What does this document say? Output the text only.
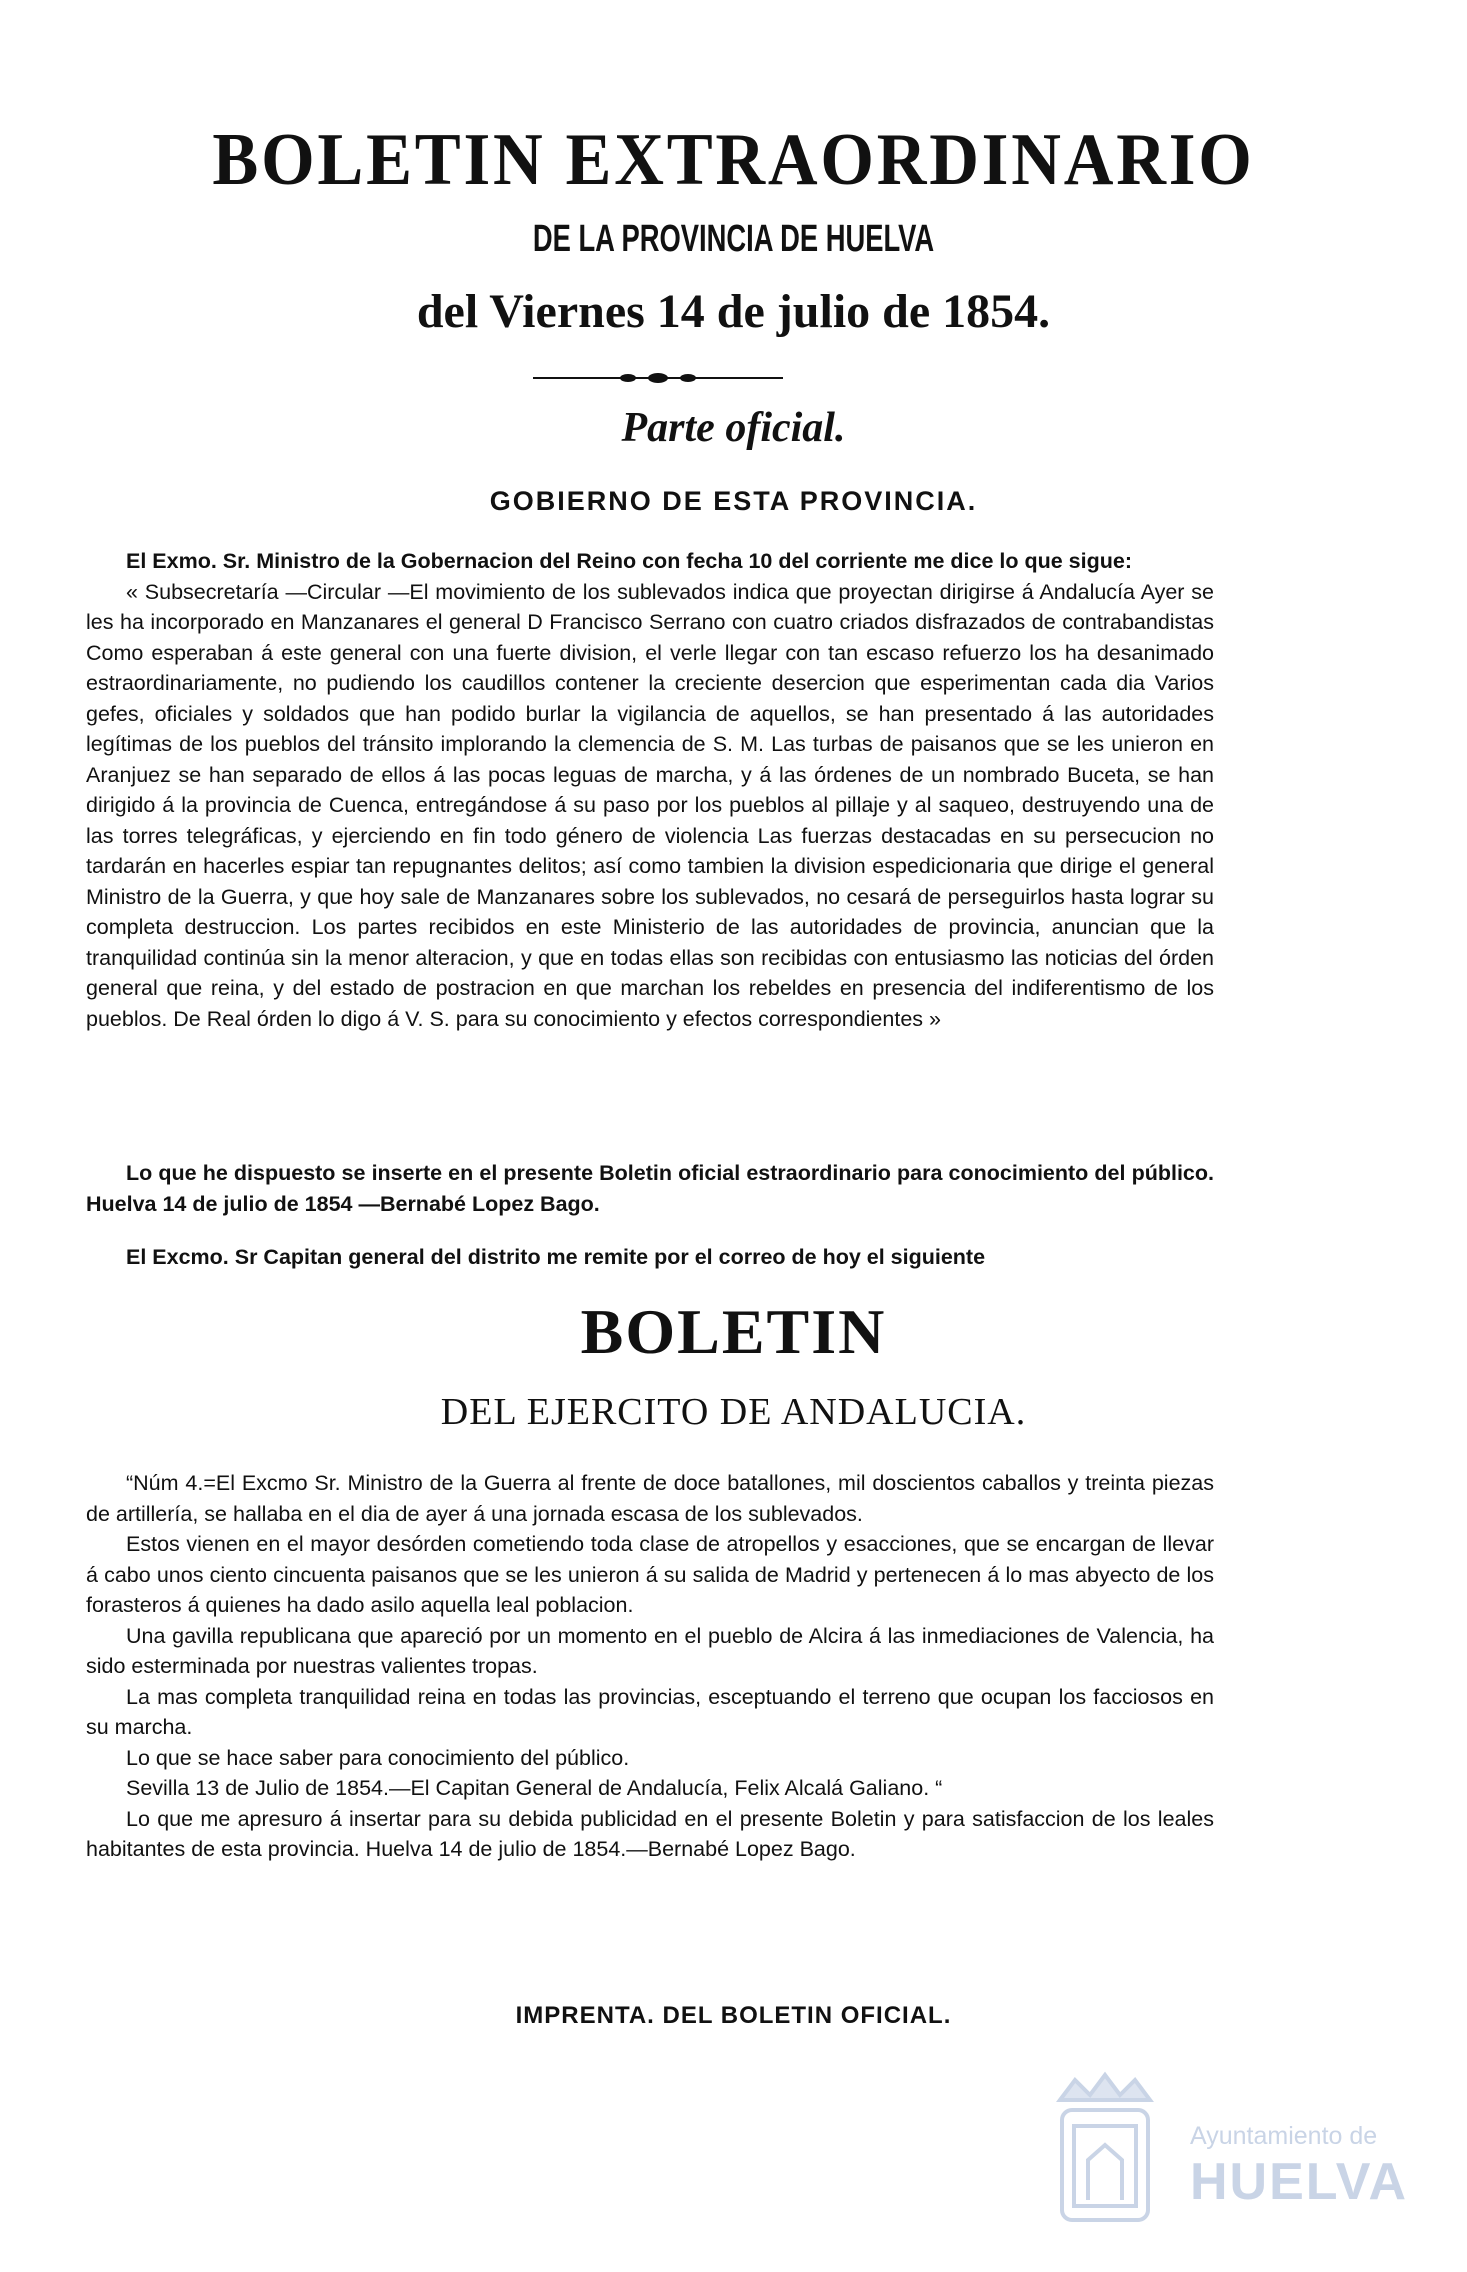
BOLETIN EXTRAORDINARIO
DE LA PROVINCIA DE HUELVA
del Viernes 14 de julio de 1854.
Parte oficial.
GOBIERNO DE ESTA PROVINCIA.

El Exmo. Sr. Ministro de la Gobernacion del Reino con fecha 10 del corriente me dice lo que sigue:

« Subsecretaría —Circular —El movimiento de los sublevados indica que proyectan dirigirse á Andalucía Ayer se les ha incorporado en Manzanares el general D Francisco Serrano con cuatro criados disfrazados de contrabandistas Como esperaban á este general con una fuerte division, el verle llegar con tan escaso refuerzo los ha desanimado estraordinariamente, no pudiendo los caudillos contener la creciente desercion que esperimentan cada dia Varios gefes, oficiales y soldados que han podido burlar la vigilancia de aquellos, se han presentado á las autoridades legítimas de los pueblos del tránsito implorando la clemencia de S. M. Las turbas de paisanos que se les unieron en Aranjuez se han separado de ellos á las pocas leguas de marcha, y á las órdenes de un nombrado Buceta, se han dirigido á la provincia de Cuenca, entregándose á su paso por los pueblos al pillaje y al saqueo, destruyendo una de las torres telegráficas, y ejerciendo en fin todo género de violencia Las fuerzas destacadas en su persecucion no tardarán en hacerles espiar tan repugnantes delitos; así como tambien la division espedicionaria que dirige el general Ministro de la Guerra, y que hoy sale de Manzanares sobre los sublevados, no cesará de perseguirlos hasta lograr su completa destruccion. Los partes recibidos en este Ministerio de las autoridades de provincia, anuncian que la tranquilidad continúa sin la menor alteracion, y que en todas ellas son recibidas con entusiasmo las noticias del órden general que reina, y del estado de postracion en que marchan los rebeldes en presencia del indiferentismo de los pueblos. De Real órden lo digo á V. S. para su conocimiento y efectos correspondientes »

Lo que he dispuesto se inserte en el presente Boletin oficial estraordinario para conocimiento del público. Huelva 14 de julio de 1854 —Bernabé Lopez Bago.

El Excmo. Sr Capitan general del distrito me remite por el correo de hoy el siguiente

BOLETIN
DEL EJERCITO DE ANDALUCIA.

“Núm 4.=El Excmo Sr. Ministro de la Guerra al frente de doce batallones, mil doscientos caballos y treinta piezas de artillería, se hallaba en el dia de ayer á una jornada escasa de los sublevados.

Estos vienen en el mayor desórden cometiendo toda clase de atropellos y esacciones, que se encargan de llevar á cabo unos ciento cincuenta paisanos que se les unieron á su salida de Madrid y pertenecen á lo mas abyecto de los forasteros á quienes ha dado asilo aquella leal poblacion.

Una gavilla republicana que apareció por un momento en el pueblo de Alcira á las inmediaciones de Valencia, ha sido esterminada por nuestras valientes tropas.

La mas completa tranquilidad reina en todas las provincias, esceptuando el terreno que ocupan los facciosos en su marcha.

Lo que se hace saber para conocimiento del público.

Sevilla 13 de Julio de 1854.—El Capitan General de Andalucía, Felix Alcalá Galiano. “

Lo que me apresuro á insertar para su debida publicidad en el presente Boletin y para satisfaccion de los leales habitantes de esta provincia. Huelva 14 de julio de 1854.—Bernabé Lopez Bago.

IMPRENTA. DEL BOLETIN OFICIAL.
Ayuntamiento de
HUELVA
